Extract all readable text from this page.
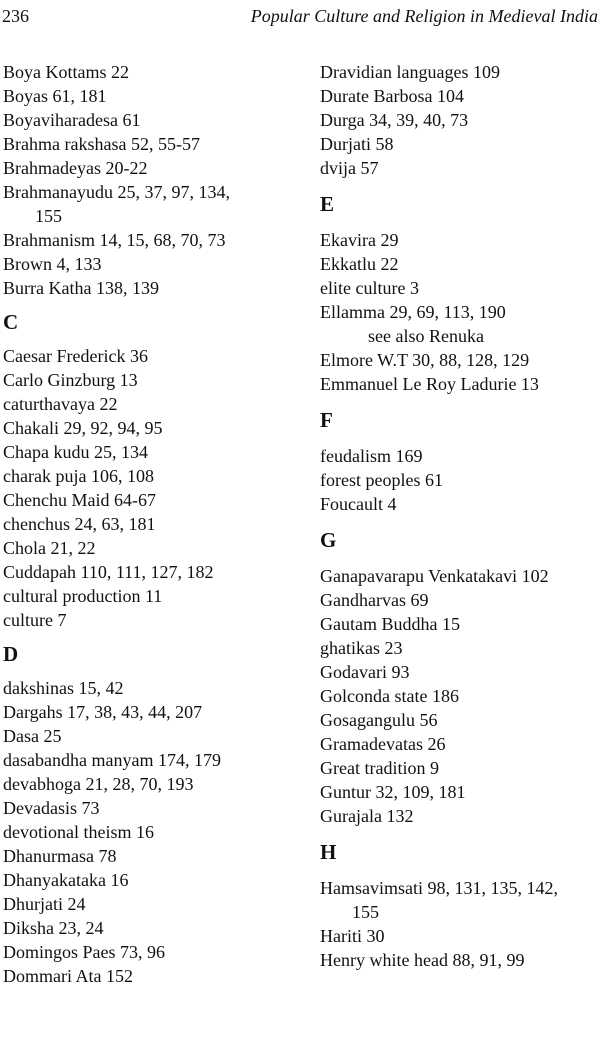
236	Popular Culture and Religion in Medieval India
Boya Kottams 22
Boyas 61, 181
Boyaviharadesa 61
Brahma rakshasa 52, 55-57
Brahmadeyas 20-22
Brahmanayudu 25, 37, 97, 134,
155
Brahmanism 14, 15, 68, 70, 73
Brown 4, 133
Burra Katha 138, 139
C
Caesar Frederick 36
Carlo Ginzburg 13
caturthavaya 22
Chakali 29, 92, 94, 95
Chapa kudu 25, 134
charak puja 106, 108
Chenchu Maid 64-67
chenchus 24, 63, 181
Chola 21, 22
Cuddapah 110, 111, 127, 182
cultural production 11
culture 7
D
dakshinas 15, 42
Dargahs 17, 38, 43, 44, 207
Dasa 25
dasabandha manyam 174, 179
devabhoga 21, 28, 70, 193
Devadasis 73
devotional theism 16
Dhanurmasa 78
Dhanyakataka 16
Dhurjati 24
Diksha 23, 24
Domingos Paes 73, 96
Dommari Ata 152
Dravidian languages 109
Durate Barbosa 104
Durga 34, 39, 40, 73
Durjati 58
dvija 57
E
Ekavira 29
Ekkatlu 22
elite culture 3
Ellamma 29, 69, 113, 190
see also Renuka
Elmore W.T 30, 88, 128, 129
Emmanuel Le Roy Ladurie 13
F
feudalism 169
forest peoples 61
Foucault 4
G
Ganapavarapu Venkatakavi 102
Gandharvas 69
Gautam Buddha 15
ghatikas 23
Godavari 93
Golconda state 186
Gosagangulu 56
Gramadevatas 26
Great tradition 9
Guntur 32, 109, 181
Gurajala 132
H
Hamsavimsati 98, 131, 135, 142,
155
Hariti 30
Henry white head 88, 91, 99
